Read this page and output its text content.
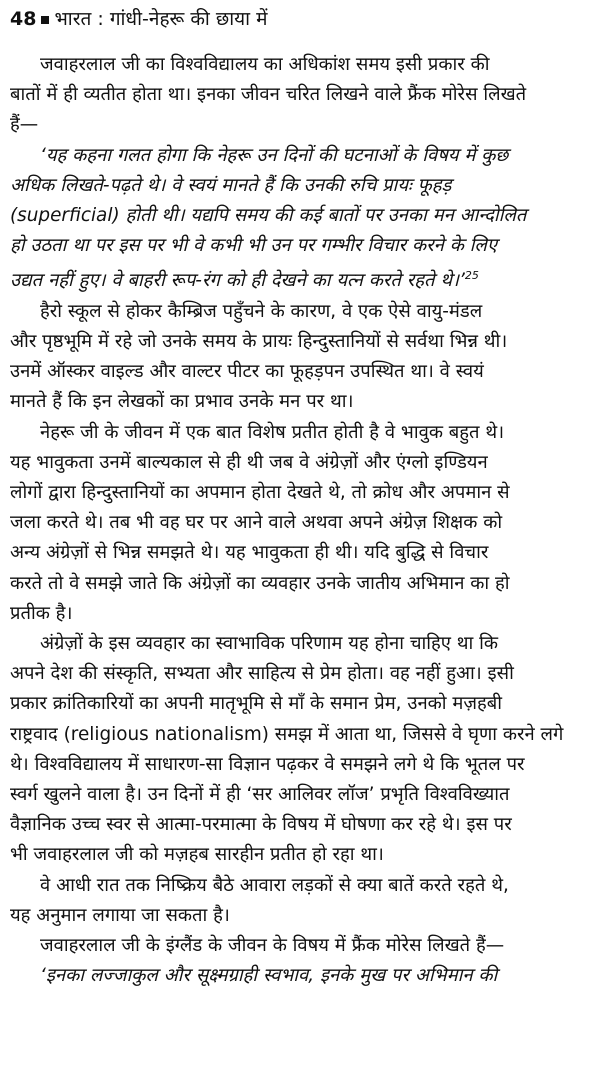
48 भारत : गांधी-नेहरू की छाया में

जवाहरलाल जी का विश्वविद्यालय का अधिकांश समय इसी प्रकार की
बातों में ही व्यतीत होता था। इनका जीवन चरित लिखने वाले फ्रैंक मोरेस लिखते
हैं—
‘यह कहना गलत होगा कि नेहरू उन दिनों की घटनाओं के विषय में कुछ
अधिक लिखते-पढ़ते थे। वे स्वयं मानते हैं कि उनकी रुचि प्रायः फूहड़
(superficial) होती थी। यद्यपि समय की कई बातों पर उनका मन आन्दोलित
हो उठता था पर इस पर भी वे कभी भी उन पर गम्भीर विचार करने के लिए
उद्यत नहीं हुए। वे बाहरी रूप-रंग को ही देखने का यत्न करते रहते थे।’$^{25}$
हैरो स्कूल से होकर कैम्ब्रिज पहुँचने के कारण, वे एक ऐसे वायु-मंडल
और पृष्ठभूमि में रहे जो उनके समय के प्रायः हिन्दुस्तानियों से सर्वथा भिन्न थी।
उनमें ऑस्कर वाइल्ड और वाल्टर पीटर का फूहड़पन उपस्थित था। वे स्वयं
मानते हैं कि इन लेखकों का प्रभाव उनके मन पर था।
नेहरू जी के जीवन में एक बात विशेष प्रतीत होती है वे भावुक बहुत थे।
यह भावुकता उनमें बाल्यकाल से ही थी जब वे अंग्रेज़ों और एंग्लो इण्डियन
लोगों द्वारा हिन्दुस्तानियों का अपमान होता देखते थे, तो क्रोध और अपमान से
जला करते थे। तब भी वह घर पर आने वाले अथवा अपने अंग्रेज़ शिक्षक को
अन्य अंग्रेज़ों से भिन्न समझते थे। यह भावुकता ही थी। यदि बुद्धि से विचार
करते तो वे समझे जाते कि अंग्रेज़ों का व्यवहार उनके जातीय अभिमान का हो
प्रतीक है।
अंग्रेज़ों के इस व्यवहार का स्वाभाविक परिणाम यह होना चाहिए था कि
अपने देश की संस्कृति, सभ्यता और साहित्य से प्रेम होता। वह नहीं हुआ। इसी
प्रकार क्रांतिकारियों का अपनी मातृभूमि से माँ के समान प्रेम, उनको मज़हबी
राष्ट्रवाद (religious nationalism) समझ में आता था, जिससे वे घृणा करने लगे
थे। विश्वविद्यालय में साधारण-सा विज्ञान पढ़कर वे समझने लगे थे कि भूतल पर
स्वर्ग खुलने वाला है। उन दिनों में ही ‘सर आलिवर लॉज’ प्रभृति विश्वविख्यात
वैज्ञानिक उच्च स्वर से आत्मा-परमात्मा के विषय में घोषणा कर रहे थे। इस पर
भी जवाहरलाल जी को मज़हब सारहीन प्रतीत हो रहा था।
वे आधी रात तक निष्क्रिय बैठे आवारा लड़कों से क्या बातें करते रहते थे,
यह अनुमान लगाया जा सकता है।
जवाहरलाल जी के इंग्लैंड के जीवन के विषय में फ्रैंक मोरेस लिखते हैं—
‘इनका लज्जाकुल और सूक्ष्मग्राही स्वभाव, इनके मुख पर अभिमान की
